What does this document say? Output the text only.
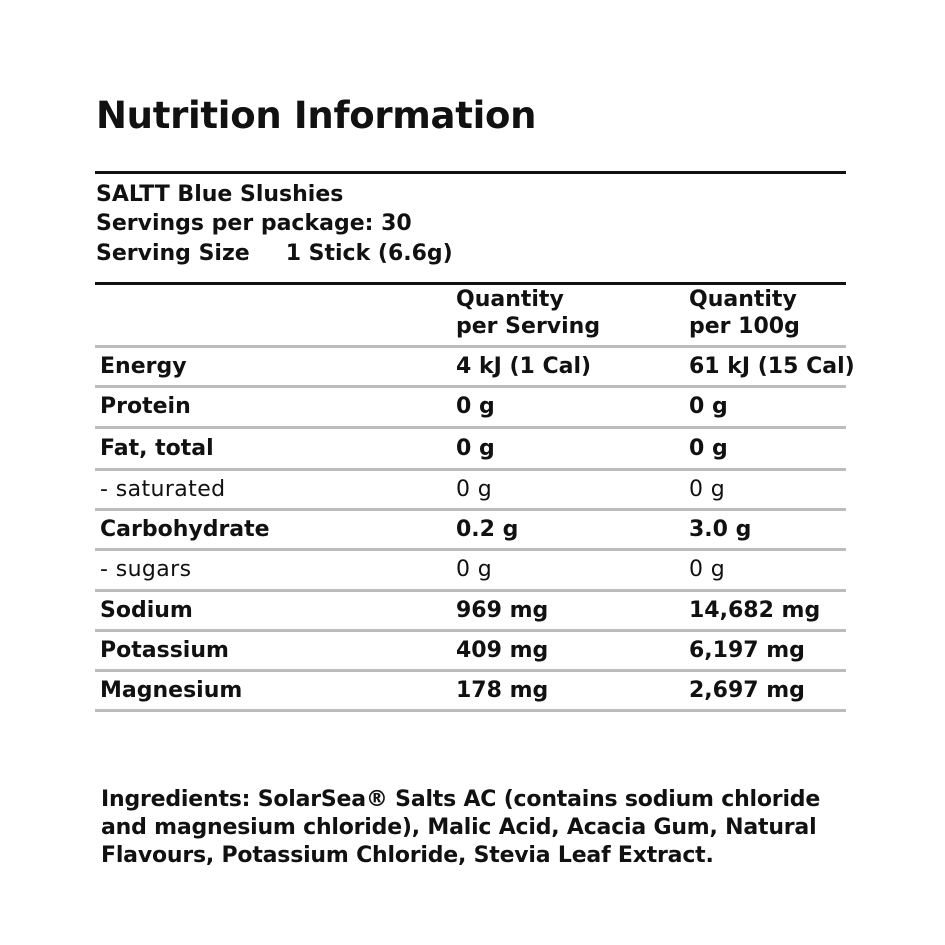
Nutrition Information
SALTT Blue Slushies
Servings per package: 30
Serving Size 1 Stick (6.6g)
Quantity
per Serving
Quantity
per 100g
Energy	4 kJ (1 Cal)	61 kJ (15 Cal)
Protein	0 g	0 g
Fat, total	0 g	0 g
- saturated	0 g	0 g
Carbohydrate	0.2 g	3.0 g
- sugars	0 g	0 g
Sodium	969 mg	14,682 mg
Potassium	409 mg	6,197 mg
Magnesium	178 mg	2,697 mg

Ingredients: SolarSea® Salts AC (contains sodium chloride and magnesium chloride), Malic Acid, Acacia Gum, Natural Flavours, Potassium Chloride, Stevia Leaf Extract.
